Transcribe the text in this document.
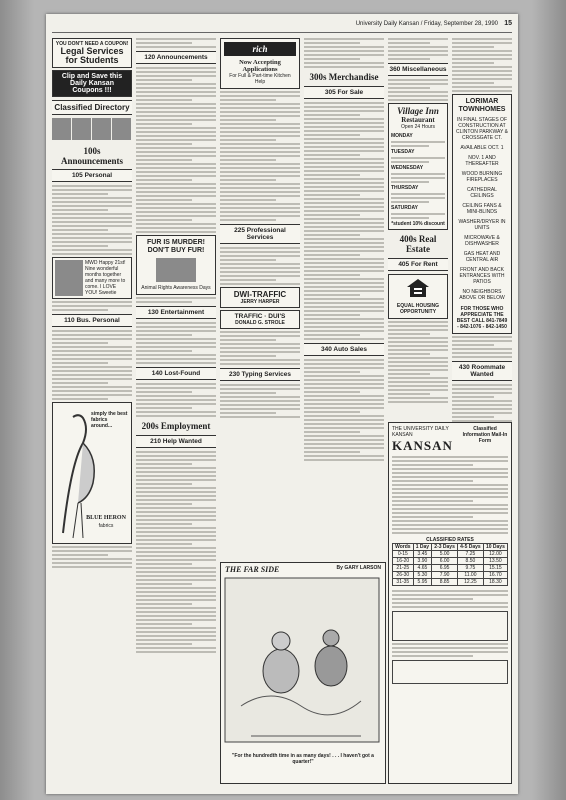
University Daily Kansan / Friday, September 28, 1990 15
YOU DON'T NEED A COUPON!
Legal Services for Students
Clip and Save this Daily Kansan Coupons !!!
Classified Directory
100s Announcements
105 Personal
MWD Happy 21st! Nine wonderful months together and many more to come. I LOVE YOU! Sweetie
110 Bus. Personal
simply the best fabrics around...
BLUE HERON
fabrics
120 Announcements
FUR IS MURDER! DON'T BUY FUR!
Animal Rights Awareness Days
130 Entertainment
140 Lost-Found
200s Employment
210 Help Wanted
rich
Now Accepting Applications
For Full & Part-time Kitchen Help
225 Professional Services
DWI-TRAFFIC
JERRY HARPER
TRAFFIC · DUI'S
DONALD G. STROLE
230 Typing Services
300s Merchandise
305 For Sale
340 Auto Sales
360 Miscellaneous
Village Inn
Restaurant
Open 24 Hours
MONDAY
TUESDAY
WEDNESDAY
THURSDAY
SATURDAY
*student 10% discount
400s Real Estate
405 For Rent
EQUAL HOUSING OPPORTUNITY
LORIMAR TOWNHOMES
IN FINAL STAGES OF CONSTRUCTION AT CLINTON PARKWAY & CROSSGATE CT.
AVAILABLE OCT. 1
NOV. 1 AND THEREAFTER
WOOD BURNING FIREPLACES
CATHEDRAL CEILINGS
CEILING FANS & MINI-BLINDS
WASHER/DRYER IN UNITS
MICROWAVE & DISHWASHER
GAS HEAT AND CENTRAL AIR
FRONT AND BACK ENTRANCES WITH PATIOS
NO NEIGHBORS ABOVE OR BELOW
FOR THOSE WHO APPRECIATE THE BEST CALL 841-7849 - 842-1076 - 842-1450
430 Roommate Wanted
THE FAR SIDE	By GARY LARSON
"For the hundredth time in as many days! . . . I haven't got a quarter!"
THE UNIVERSITY DAILY KANSAN
KANSAN
Classified Information Mail-In Form
CLASSIFIED RATES
Words	1 Day	2-3 Days	4-5 Days	10 Days
0-15	3.45	5.00	7.25	12.00
16-20	3.90	6.00	8.50	13.50
21-25	4.65	6.95	9.75	15.15
26-30	5.30	7.90	11.00	16.70
31-35	5.95	8.85	12.25	18.30
